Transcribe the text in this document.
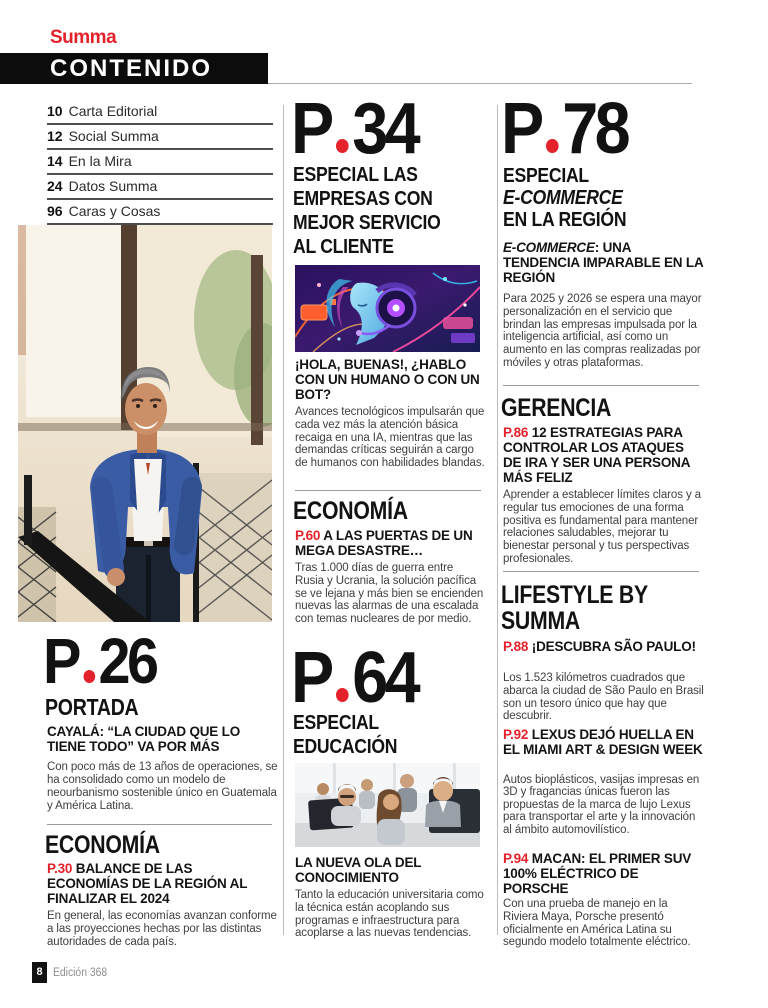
Summa
CONTENIDO
10 Carta Editorial
12 Social Summa
14 En la Mira
24 Datos Summa
96 Caras y Cosas
P 26
PORTADA
CAYALÁ: “LA CIUDAD QUE LO TIENE TODO” VA POR MÁS
Con poco más de 13 años de operaciones, se ha consolidado como un modelo de neourbanismo sostenible único en Guatemala y América Latina.
ECONOMÍA
P.30 BALANCE DE LAS ECONOMÍAS DE LA REGIÓN AL FINALIZAR EL 2024
En general, las economías avanzan conforme a las proyecciones hechas por las distintas autoridades de cada país.
8 Edición 368
P 34
ESPECIAL LAS
EMPRESAS CON
MEJOR SERVICIO
AL CLIENTE
¡HOLA, BUENAS!, ¿HABLO CON UN HUMANO O CON UN BOT?
Avances tecnológicos impulsarán que cada vez más la atención básica recaiga en una IA, mientras que las demandas críticas seguirán a cargo de humanos con habilidades blandas.
ECONOMÍA
P.60 A LAS PUERTAS DE UN MEGA DESASTRE…
Tras 1.000 días de guerra entre Rusia y Ucrania, la solución pacífica se ve lejana y más bien se encienden nuevas las alarmas de una escalada con temas nucleares de por medio.
P 64
ESPECIAL
EDUCACIÓN
LA NUEVA OLA DEL CONOCIMIENTO
Tanto la educación universitaria como la técnica están acoplando sus programas e infraestructura para acoplarse a las nuevas tendencias.
P 78
ESPECIAL
E-COMMERCE
EN LA REGIÓN
E-COMMERCE: UNA TENDENCIA IMPARABLE EN LA REGIÓN
Para 2025 y 2026 se espera una mayor personalización en el servicio que brindan las empresas impulsada por la inteligencia artificial, así como un aumento en las compras realizadas por móviles y otras plataformas.
GERENCIA
P.86 12 ESTRATEGIAS PARA CONTROLAR LOS ATAQUES DE IRA Y SER UNA PERSONA MÁS FELIZ
Aprender a establecer límites claros y a regular tus emociones de una forma positiva es fundamental para mantener relaciones saludables, mejorar tu bienestar personal y tus perspectivas profesionales.
LIFESTYLE BY
SUMMA
P.88 ¡DESCUBRA SÃO PAULO!
Los 1.523 kilómetros cuadrados que abarca la ciudad de São Paulo en Brasil son un tesoro único que hay que descubrir.
P.92 LEXUS DEJÓ HUELLA EN EL MIAMI ART & DESIGN WEEK
Autos bioplásticos, vasijas impresas en 3D y fragancias únicas fueron las propuestas de la marca de lujo Lexus para transportar el arte y la innovación al ámbito automovilístico.
P.94 MACAN: EL PRIMER SUV 100% ELÉCTRICO DE PORSCHE
Con una prueba de manejo en la Riviera Maya, Porsche presentó oficialmente en América Latina su segundo modelo totalmente eléctrico.
